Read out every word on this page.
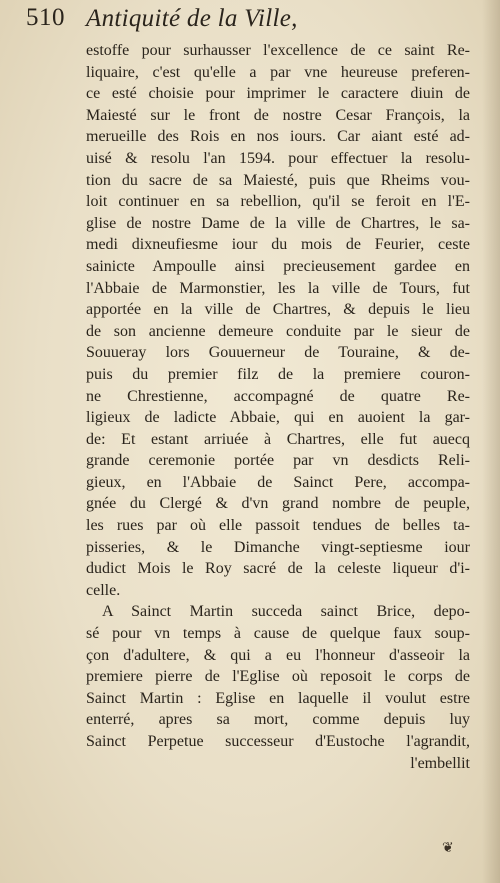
510 Antiquité de la Ville,
estoffe pour surhausser l'excellence de ce saint Re-
liquaire, c'est qu'elle a par vne heureuse preferen-
ce esté choisie pour imprimer le caractere diuin de
Maiesté sur le front de nostre Cesar François, la
merueille des Rois en nos iours. Car aiant esté ad-
uisé & resolu l'an 1594. pour effectuer la resolu-
tion du sacre de sa Maiesté, puis que Rheims vou-
loit continuer en sa rebellion, qu'il se feroit en l'E-
glise de nostre Dame de la ville de Chartres, le sa-
medi dixneufiesme iour du mois de Feurier, ceste
sainicte Ampoulle ainsi precieusement gardee en
l'Abbaie de Marmonstier, les la ville de Tours, fut
apportée en la ville de Chartres, & depuis le lieu
de son ancienne demeure conduite par le sieur de
Souueray lors Gouuerneur de Touraine, & de-
puis du premier filz de la premiere couron-
ne Chrestienne, accompagné de quatre Re-
ligieux de ladicte Abbaie, qui en auoient la gar-
de: Et estant arriuée à Chartres, elle fut auecq
grande ceremonie portée par vn desdicts Reli-
gieux, en l'Abbaie de Sainct Pere, accompa-
gnée du Clergé & d'vn grand nombre de peuple,
les rues par où elle passoit tendues de belles ta-
pisseries, & le Dimanche vingt-septiesme iour
dudict Mois le Roy sacré de la celeste liqueur d'i-
celle.
A Sainct Martin succeda sainct Brice, depo-
sé pour vn temps à cause de quelque faux soup-
çon d'adultere, & qui a eu l'honneur d'asseoir la
premiere pierre de l'Eglise où reposoit le corps de
Sainct Martin : Eglise en laquelle il voulut estre
enterré, apres sa mort, comme depuis luy
Sainct Perpetue successeur d'Eustoche l'agrandit,
l'embellit
❦
